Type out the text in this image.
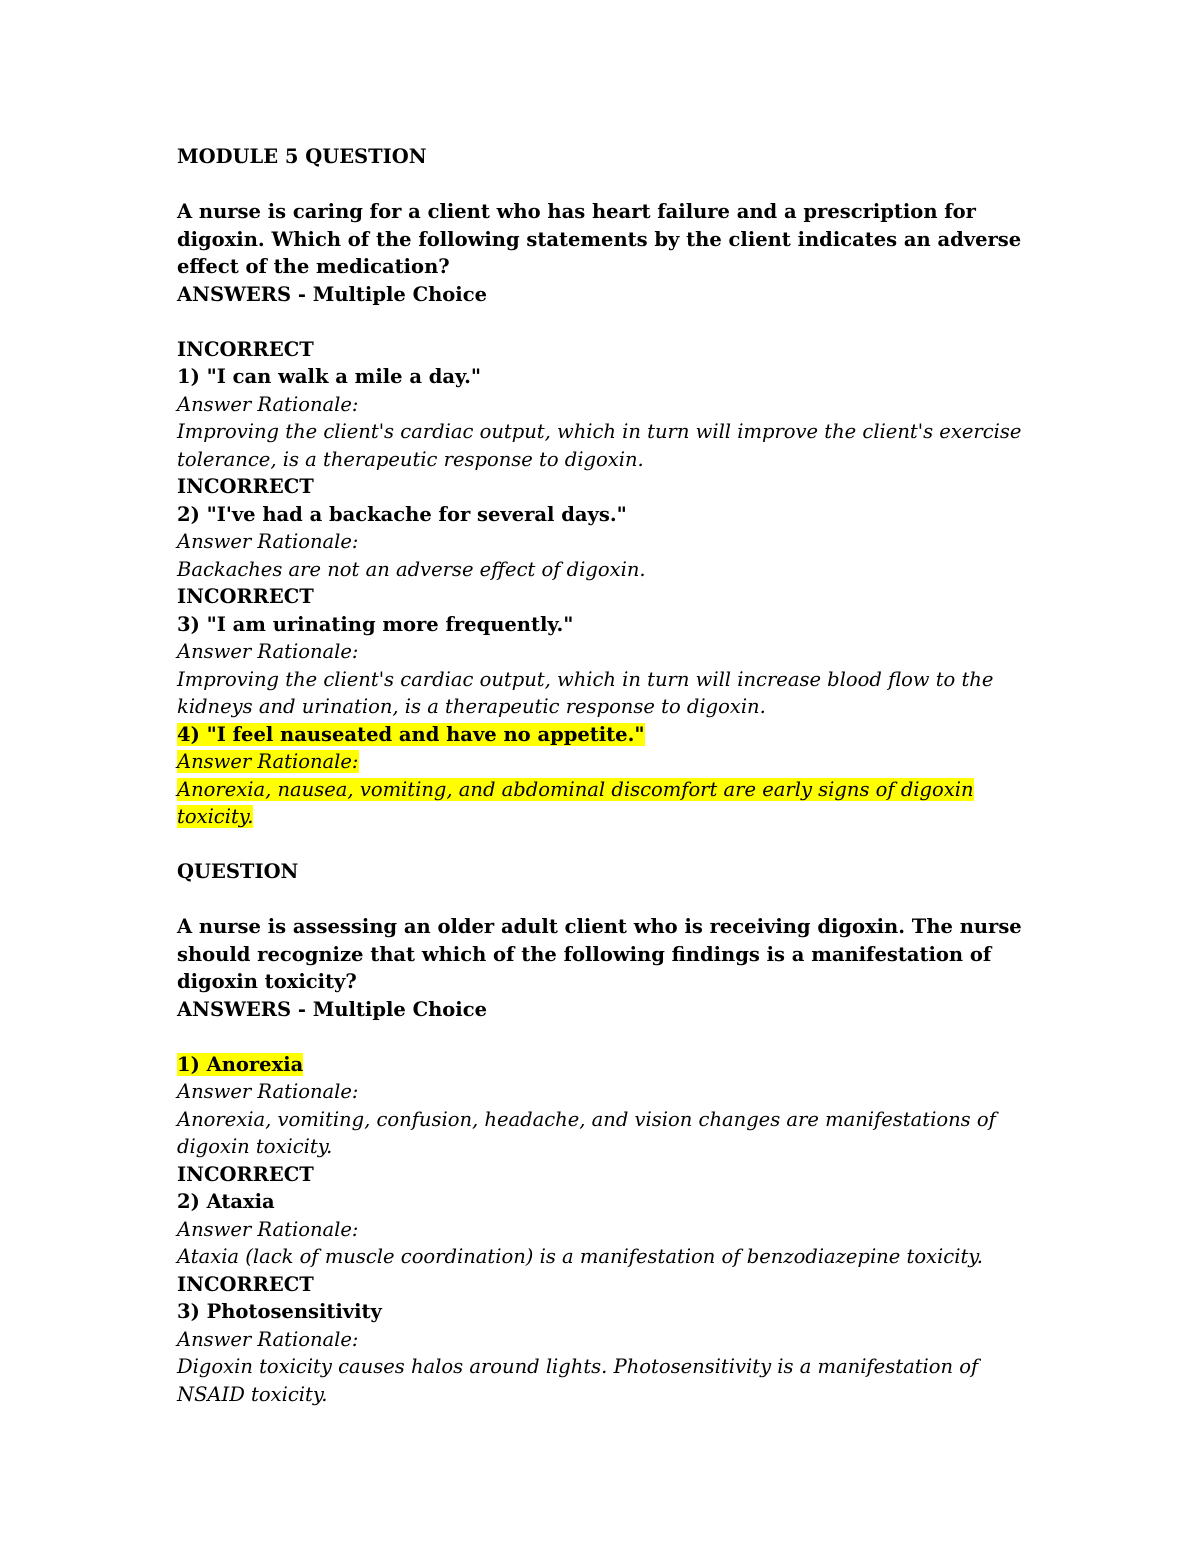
MODULE 5 QUESTION
A nurse is caring for a client who has heart failure and a prescription for
digoxin. Which of the following statements by the client indicates an adverse
effect of the medication?
ANSWERS - Multiple Choice
INCORRECT
1) "I can walk a mile a day."
Answer Rationale:
Improving the client's cardiac output, which in turn will improve the client's exercise
tolerance, is a therapeutic response to digoxin.
INCORRECT
2) "I've had a backache for several days."
Answer Rationale:
Backaches are not an adverse effect of digoxin.
INCORRECT
3) "I am urinating more frequently."
Answer Rationale:
Improving the client's cardiac output, which in turn will increase blood flow to the
kidneys and urination, is a therapeutic response to digoxin.
4) "I feel nauseated and have no appetite."
Answer Rationale:
Anorexia, nausea, vomiting, and abdominal discomfort are early signs of digoxin
toxicity.
QUESTION
A nurse is assessing an older adult client who is receiving digoxin. The nurse
should recognize that which of the following findings is a manifestation of
digoxin toxicity?
ANSWERS - Multiple Choice
1) Anorexia
Answer Rationale:
Anorexia, vomiting, confusion, headache, and vision changes are manifestations of
digoxin toxicity.
INCORRECT
2) Ataxia
Answer Rationale:
Ataxia (lack of muscle coordination) is a manifestation of benzodiazepine toxicity.
INCORRECT
3) Photosensitivity
Answer Rationale:
Digoxin toxicity causes halos around lights. Photosensitivity is a manifestation of
NSAID toxicity.
